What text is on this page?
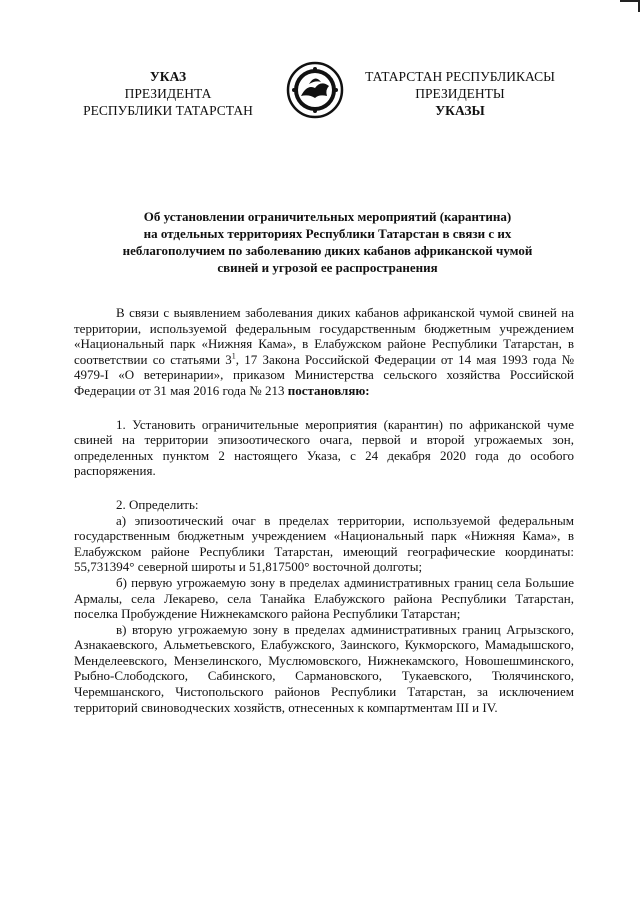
УКАЗ
ПРЕЗИДЕНТА
РЕСПУБЛИКИ ТАТАРСТАН
ТАТАРСТАН РЕСПУБЛИКАСЫ
ПРЕЗИДЕНТЫ
УКАЗЫ
Об установлении ограничительных мероприятий (карантина)
на отдельных территориях Республики Татарстан в связи с их
неблагополучием по заболеванию диких кабанов африканской чумой
свиней и угрозой ее распространения

В связи с выявлением заболевания диких кабанов африканской чумой свиней на территории, используемой федеральным государственным бюджетным учреждением «Национальный парк «Нижняя Кама», в Елабужском районе Республики Татарстан, в соответствии со статьями $3^1$, 17 Закона Российской Федерации от 14 мая 1993 года № 4979-I «О ветеринарии», приказом Министерства сельского хозяйства Российской Федерации от 31 мая 2016 года № 213 постановляю:

1. Установить ограничительные мероприятия (карантин) по африканской чуме свиней на территории эпизоотического очага, первой и второй угрожаемых зон, определенных пунктом 2 настоящего Указа, с 24 декабря 2020 года до особого распоряжения.

2. Определить:

а) эпизоотический очаг в пределах территории, используемой федеральным государственным бюджетным учреждением «Национальный парк «Нижняя Кама», в Елабужском районе Республики Татарстан, имеющий географические координаты: 55,731394° северной широты и 51,817500° восточной долготы;

б) первую угрожаемую зону в пределах административных границ села Большие Армалы, села Лекарево, села Танайка Елабужского района Республики Татарстан, поселка Пробуждение Нижнекамского района Республики Татарстан;

в) вторую угрожаемую зону в пределах административных границ Агрызского, Азнакаевского, Альметьевского, Елабужского, Заинского, Кукморского, Мамадышского, Менделеевского, Мензелинского, Муслюмовского, Нижнекамского, Новошешминского, Рыбно-Слободского, Сабинского, Сармановского, Тукаевского, Тюлячинского, Черемшанского, Чистопольского районов Республики Татарстан, за исключением территорий свиноводческих хозяйств, отнесенных к компартментам III и IV.
